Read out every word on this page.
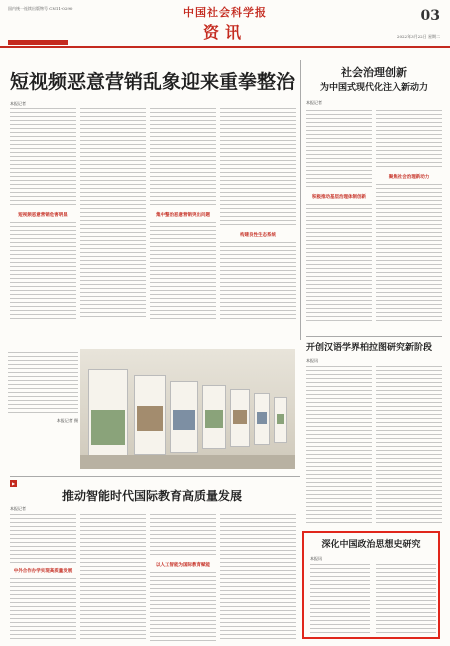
国内统一连续出版物号 CN11-0290	中国社会科学报
资讯
03
2022年3月22日 星期二
短视频恶意营销乱象迎来重拳整治
本报记者
短视频恶意营销危害明显	集中整治恶意营销突出问题
构建良性生态系统
社会治理创新
为中国式现代化注入新动力
本报记者
积极推动基层治理体制创新
聚焦社会治理新动力
开创汉语学界柏拉图研究新阶段
本报讯
本报记者 摄
▶
推动智能时代国际教育高质量发展
本报记者
中外合作办学实现高质量发展
以人工智能为国际教育赋能
深化中国政治思想史研究
本报讯
